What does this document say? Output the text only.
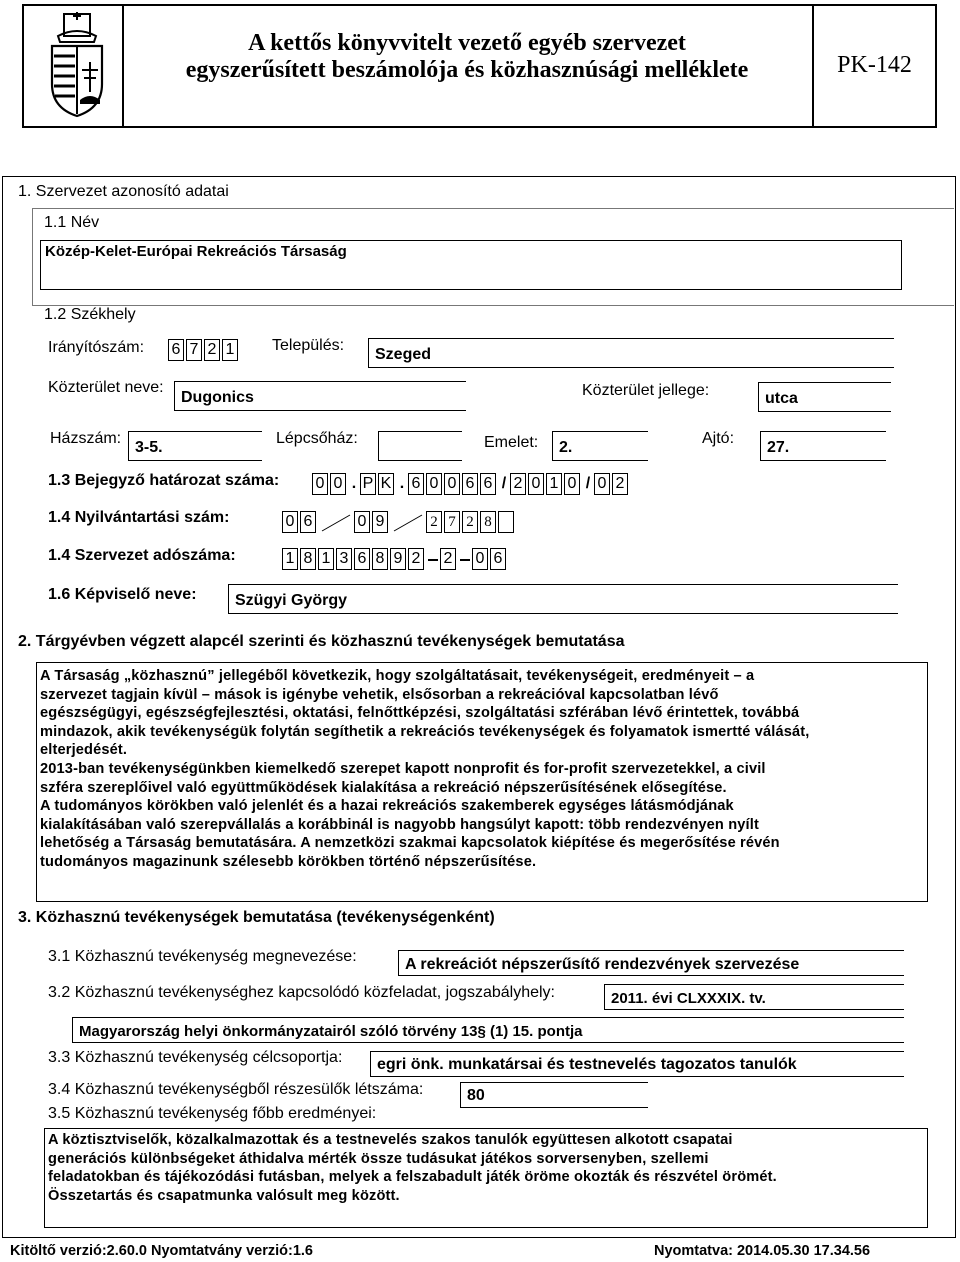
A kettős könyvvitelt vezető egyéb szervezet
egyszerűsített beszámolója és közhasznúsági melléklete	PK-142
1. Szervezet azonosító adatai
1.1 Név
Közép-Kelet-Európai Rekreációs Társaság
1.2 Székhely
Irányítószám: 6 7 2 1 Település:
Szeged
Közterület neve:
Dugonics	Közterület jellege:	utca
Házszám:
3-5.
Lépcsőház:	Emelet: 2.
Ajtó:
27.
1.3 Bejegyző határozat száma: 0 0 . P K . 6 0 0 6 6 / 2 0 1 0 / 0 2
1.4 Nyilvántartási szám:	0 6	0 9	2 7 2 8
1.4 Szervezet adószáma:	1 8 1 3 6 8 9 2 2 0 6
1.6 Képviselő neve: Szügyi György
2. Tárgyévben végzett alapcél szerinti és közhasznú tevékenységek bemutatása
A Társaság „közhasznú” jellegéből következik, hogy szolgáltatásait, tevékenységeit, eredményeit – a
szervezet tagjain kívül – mások is igénybe vehetik, elsősorban a rekreációval kapcsolatban lévő
egészségügyi, egészségfejlesztési, oktatási, felnőttképzési, szolgáltatási szférában lévő érintettek, továbbá
mindazok, akik tevékenységük folytán segíthetik a rekreációs tevékenységek és folyamatok ismertté válását,
elterjedését.
2013-ban tevékenységünkben kiemelkedő szerepet kapott nonprofit és for-profit szervezetekkel, a civil
szféra szereplőivel való együttműködések kialakítása a rekreáció népszerűsítésének elősegítése.
A tudományos körökben való jelenlét és a hazai rekreációs szakemberek egységes látásmódjának
kialakításában való szerepvállalás a korábbinál is nagyobb hangsúlyt kapott: több rendezvényen nyílt
lehetőség a Társaság bemutatására. A nemzetközi szakmai kapcsolatok kiépítése és megerősítése révén
tudományos magazinunk szélesebb körökben történő népszerűsítése.
3. Közhasznú tevékenységek bemutatása (tevékenységenként)
3.1 Közhasznú tevékenység megnevezése:	A rekreációt népszerűsítő rendezvények szervezése
3.2 Közhasznú tevékenységhez kapcsolódó közfeladat, jogszabályhely:	2011. évi CLXXXIX. tv.
Magyarország helyi önkormányzatairól szóló törvény 13§ (1) 15. pontja
3.3 Közhasznú tevékenység célcsoportja: egri önk. munkatársai és testnevelés tagozatos tanulók
3.4 Közhasznú tevékenységből részesülők létszáma:	80
3.5 Közhasznú tevékenység főbb eredményei:
A köztisztviselők, közalkalmazottak és a testnevelés szakos tanulók együttesen alkotott csapatai
generációs különbségeket áthidalva mérték össze tudásukat játékos sorversenyben, szellemi
feladatokban és tájékozódási futásban, melyek a felszabadult játék öröme okozták és részvétel örömét.
Összetartás és csapatmunka valósult meg között.
Kitöltő verzió:2.60.0 Nyomtatvány verzió:1.6	Nyomtatva: 2014.05.30 17.34.56
